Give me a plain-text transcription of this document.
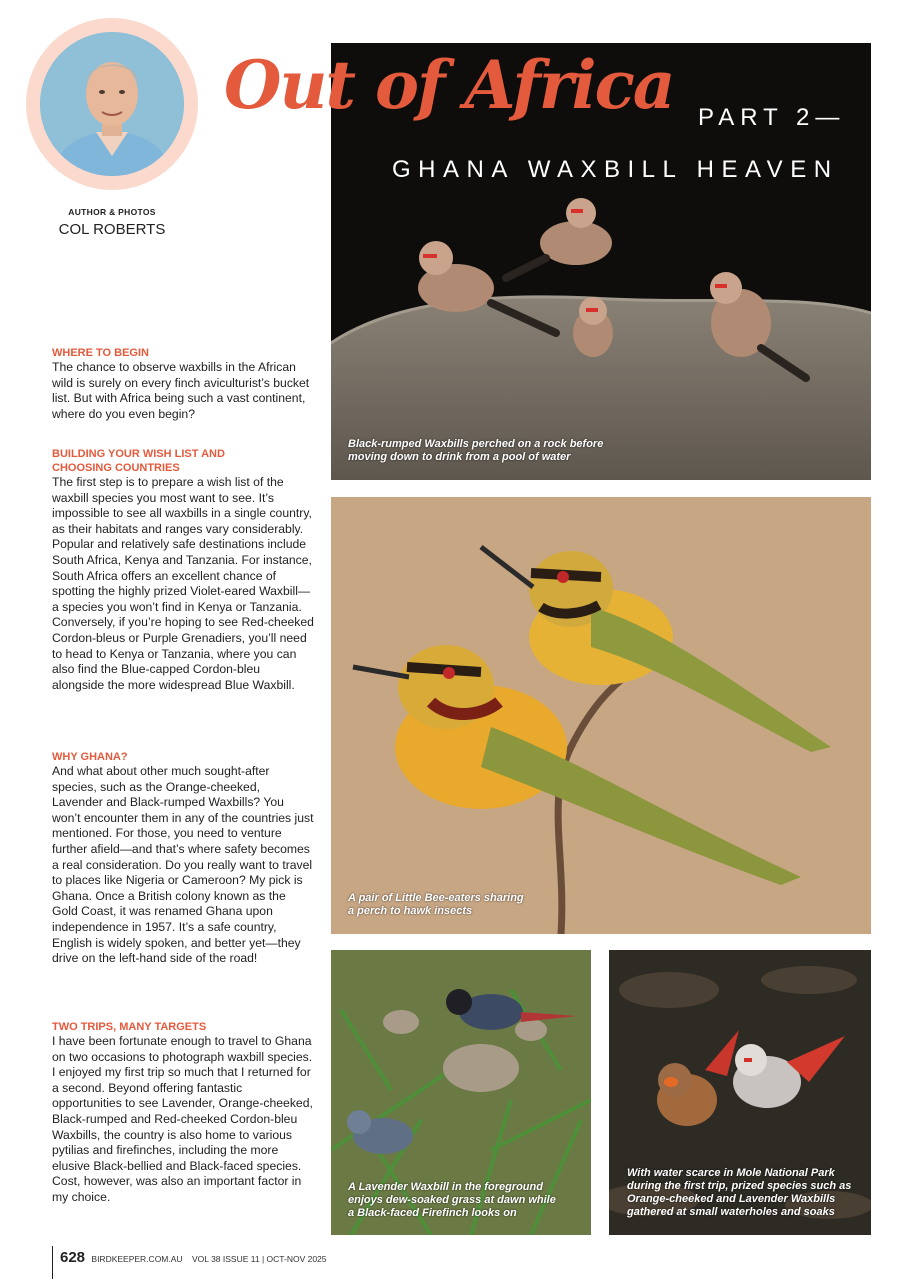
AUTHOR & PHOTOS
COL ROBERTS
Out of Africa PART 2—
GHANA WAXBILL HEAVEN
Black-rumped Waxbills perched on a rock before
moving down to drink from a pool of water
A pair of Little Bee-eaters sharing
a perch to hawk insects
A Lavender Waxbill in the foreground
enjoys dew-soaked grass at dawn while
a Black-faced Firefinch looks on
With water scarce in Mole National Park
during the first trip, prized species such as
Orange-cheeked and Lavender Waxbills
gathered at small waterholes and soaks
WHERE TO BEGIN

The chance to observe waxbills in the African wild is surely on every finch aviculturist’s bucket list. But with Africa being such a vast continent, where do you even begin?

BUILDING YOUR WISH LIST AND
CHOOSING COUNTRIES

The first step is to prepare a wish list of the waxbill species you most want to see. It’s impossible to see all waxbills in a single country, as their habitats and ranges vary considerably. Popular and relatively safe destinations include South Africa, Kenya and Tanzania. For instance, South Africa offers an excellent chance of spotting the highly prized Violet-eared Waxbill—a species you won’t find in Kenya or Tanzania. Conversely, if you’re hoping to see Red-cheeked Cordon-bleus or Purple Grenadiers, you’ll need to head to Kenya or Tanzania, where you can also find the Blue-capped Cordon-bleu alongside the more widespread Blue Waxbill.

WHY GHANA?

And what about other much sought-after species, such as the Orange-cheeked, Lavender and Black-rumped Waxbills? You won’t encounter them in any of the countries just mentioned. For those, you need to venture further afield—and that’s where safety becomes a real consideration. Do you really want to travel to places like Nigeria or Cameroon? My pick is Ghana. Once a British colony known as the Gold Coast, it was renamed Ghana upon independence in 1957. It’s a safe country, English is widely spoken, and better yet—they drive on the left-hand side of the road!

TWO TRIPS, MANY TARGETS

I have been fortunate enough to travel to Ghana on two occasions to photograph waxbill species. I enjoyed my first trip so much that I returned for a second. Beyond offering fantastic opportunities to see Lavender, Orange-cheeked, Black-rumped and Red-cheeked Cordon-bleu Waxbills, the country is also home to various pytilias and firefinches, including the more elusive Black-bellied and Black-faced species. Cost, however, was also an important factor in my choice.

628 BIRDKEEPER.COM.AU VOL 38 ISSUE 11 | OCT-NOV 2025
